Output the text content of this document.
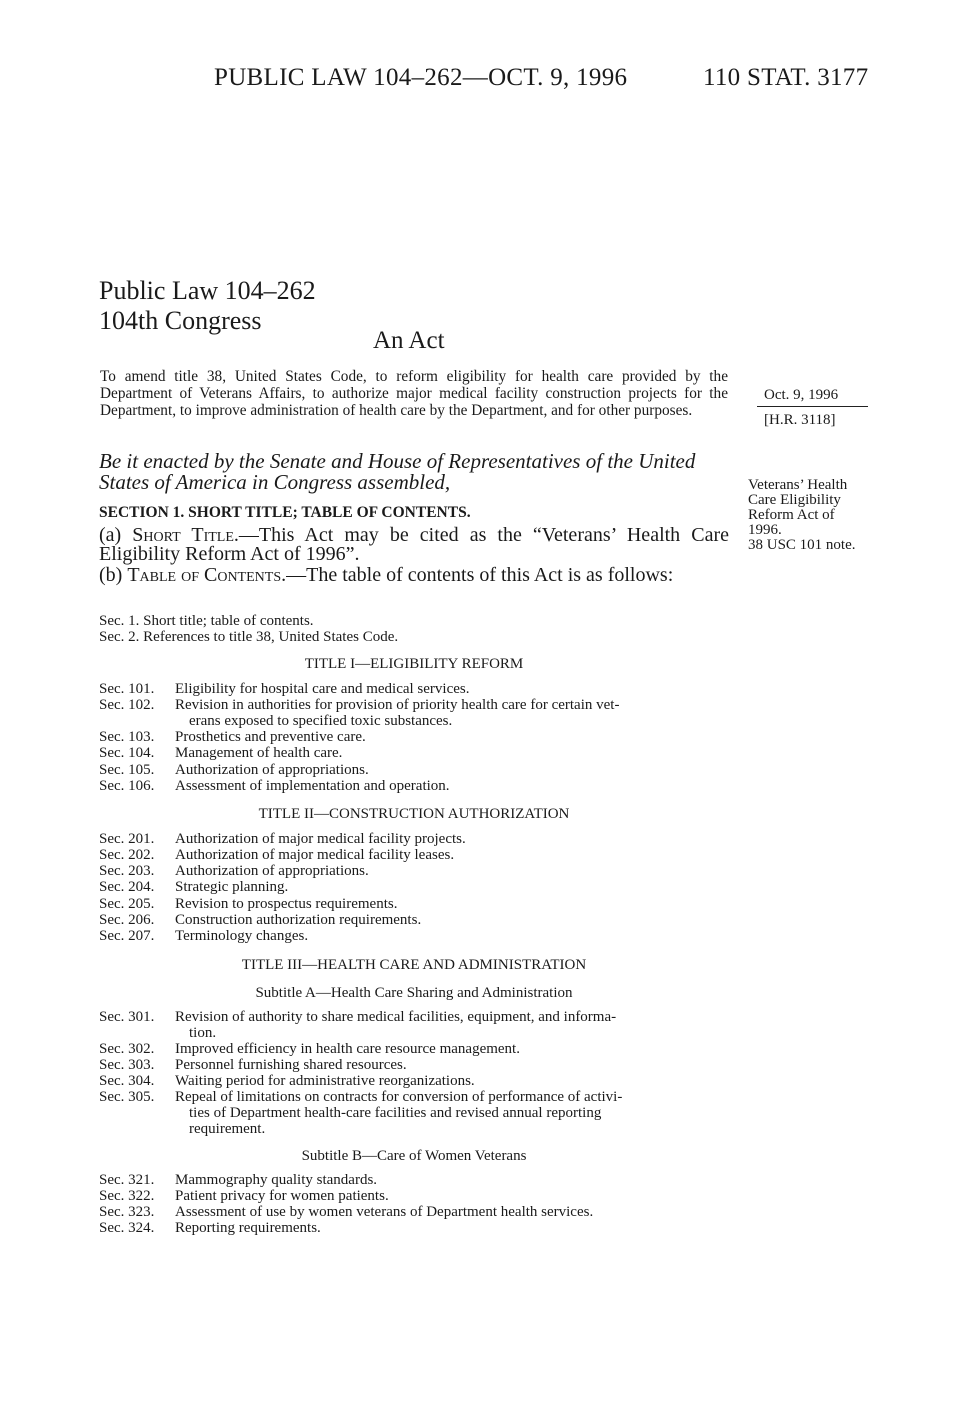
PUBLIC LAW 104–262—OCT. 9, 1996	110 STAT. 3177
Public Law 104–262
104th Congress
An Act
To amend title 38, United States Code, to reform eligibility for health care provided by the Department of Veterans Affairs, to authorize major medical facility construction projects for the Department, to improve administration of health care by the Department, and for other purposes.
Oct. 9, 1996
[H.R. 3118]
Veterans’ Health
Care Eligibility
Reform Act of
1996.
38 USC 101 note.
Be it enacted by the Senate and House of Representatives of the United States of America in Congress assembled,
SECTION 1. SHORT TITLE; TABLE OF CONTENTS.
(a) Short Title.—This Act may be cited as the “Veterans’ Health Care Eligibility Reform Act of 1996”.
(b) Table of Contents.—The table of contents of this Act is as follows:
Sec. 1. Short title; table of contents.
Sec. 2. References to title 38, United States Code.
TITLE I—ELIGIBILITY REFORM
Sec. 101. Eligibility for hospital care and medical services.
Sec. 102. Revision in authorities for provision of priority health care for certain vet-
erans exposed to specified toxic substances.
Sec. 103. Prosthetics and preventive care.
Sec. 104. Management of health care.
Sec. 105. Authorization of appropriations.
Sec. 106. Assessment of implementation and operation.
TITLE II—CONSTRUCTION AUTHORIZATION
Sec. 201. Authorization of major medical facility projects.
Sec. 202. Authorization of major medical facility leases.
Sec. 203. Authorization of appropriations.
Sec. 204. Strategic planning.
Sec. 205. Revision to prospectus requirements.
Sec. 206. Construction authorization requirements.
Sec. 207. Terminology changes.
TITLE III—HEALTH CARE AND ADMINISTRATION
Subtitle A—Health Care Sharing and Administration
Sec. 301. Revision of authority to share medical facilities, equipment, and informa-
tion.
Sec. 302. Improved efficiency in health care resource management.
Sec. 303. Personnel furnishing shared resources.
Sec. 304. Waiting period for administrative reorganizations.
Sec. 305. Repeal of limitations on contracts for conversion of performance of activi-
ties of Department health-care facilities and revised annual reporting
requirement.
Subtitle B—Care of Women Veterans
Sec. 321. Mammography quality standards.
Sec. 322. Patient privacy for women patients.
Sec. 323. Assessment of use by women veterans of Department health services.
Sec. 324. Reporting requirements.
